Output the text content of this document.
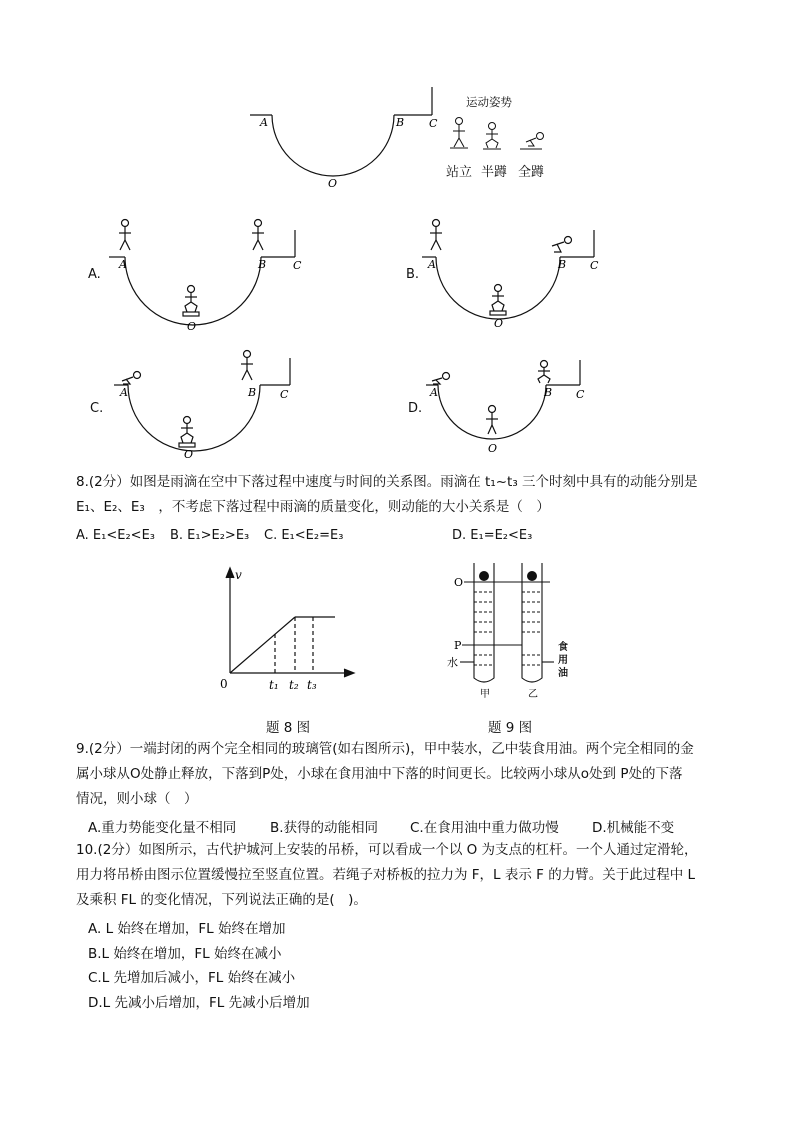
A	B C
O
运动姿势
站立 半蹲 全蹲
A.
A	B C
O
B.
A	B C
O
C.
A	B C
O
D.
A	B C
O
8.(2分）如图是雨滴在空中下落过程中速度与时间的关系图。雨滴在 t₁~t₃ 三个时刻中具有的动能分别是
E₁、E₂、E₃　，不考虑下落过程中雨滴的质量变化，则动能的大小关系是（　）
A. E₁<E₂<E₃ B. E₁>E₂>E₃ C. E₁<E₂=E₃	D. E₁=E₂<E₃
v
0	t₁ t₂ t₃
题 8 图
O
P
水
甲	乙
食
用
油
题 9 图
9.(2分）一端封闭的两个完全相同的玻璃管(如右图所示)，甲中装水，乙中装食用油。两个完全相同的金
属小球从O处静止释放，下落到P处，小球在食用油中下落的时间更长。比较两小球从o处到 P处的下落
情况，则小球（　）
A.重力势能变化量不相同 B.获得的动能相同 C.在食用油中重力做功慢 D.机械能不变
10.(2分）如图所示，古代护城河上安装的吊桥，可以看成一个以 O 为支点的杠杆。一个人通过定滑轮，
用力将吊桥由图示位置缓慢拉至竖直位置。若绳子对桥板的拉力为 F，L 表示 F 的力臂。关于此过程中 L
及乘积 FL 的变化情况，下列说法正确的是(　)。
A. L 始终在增加，FL 始终在增加
B.L 始终在增加，FL 始终在减小
C.L 先增加后减小，FL 始终在减小
D.L 先减小后增加，FL 先减小后增加
